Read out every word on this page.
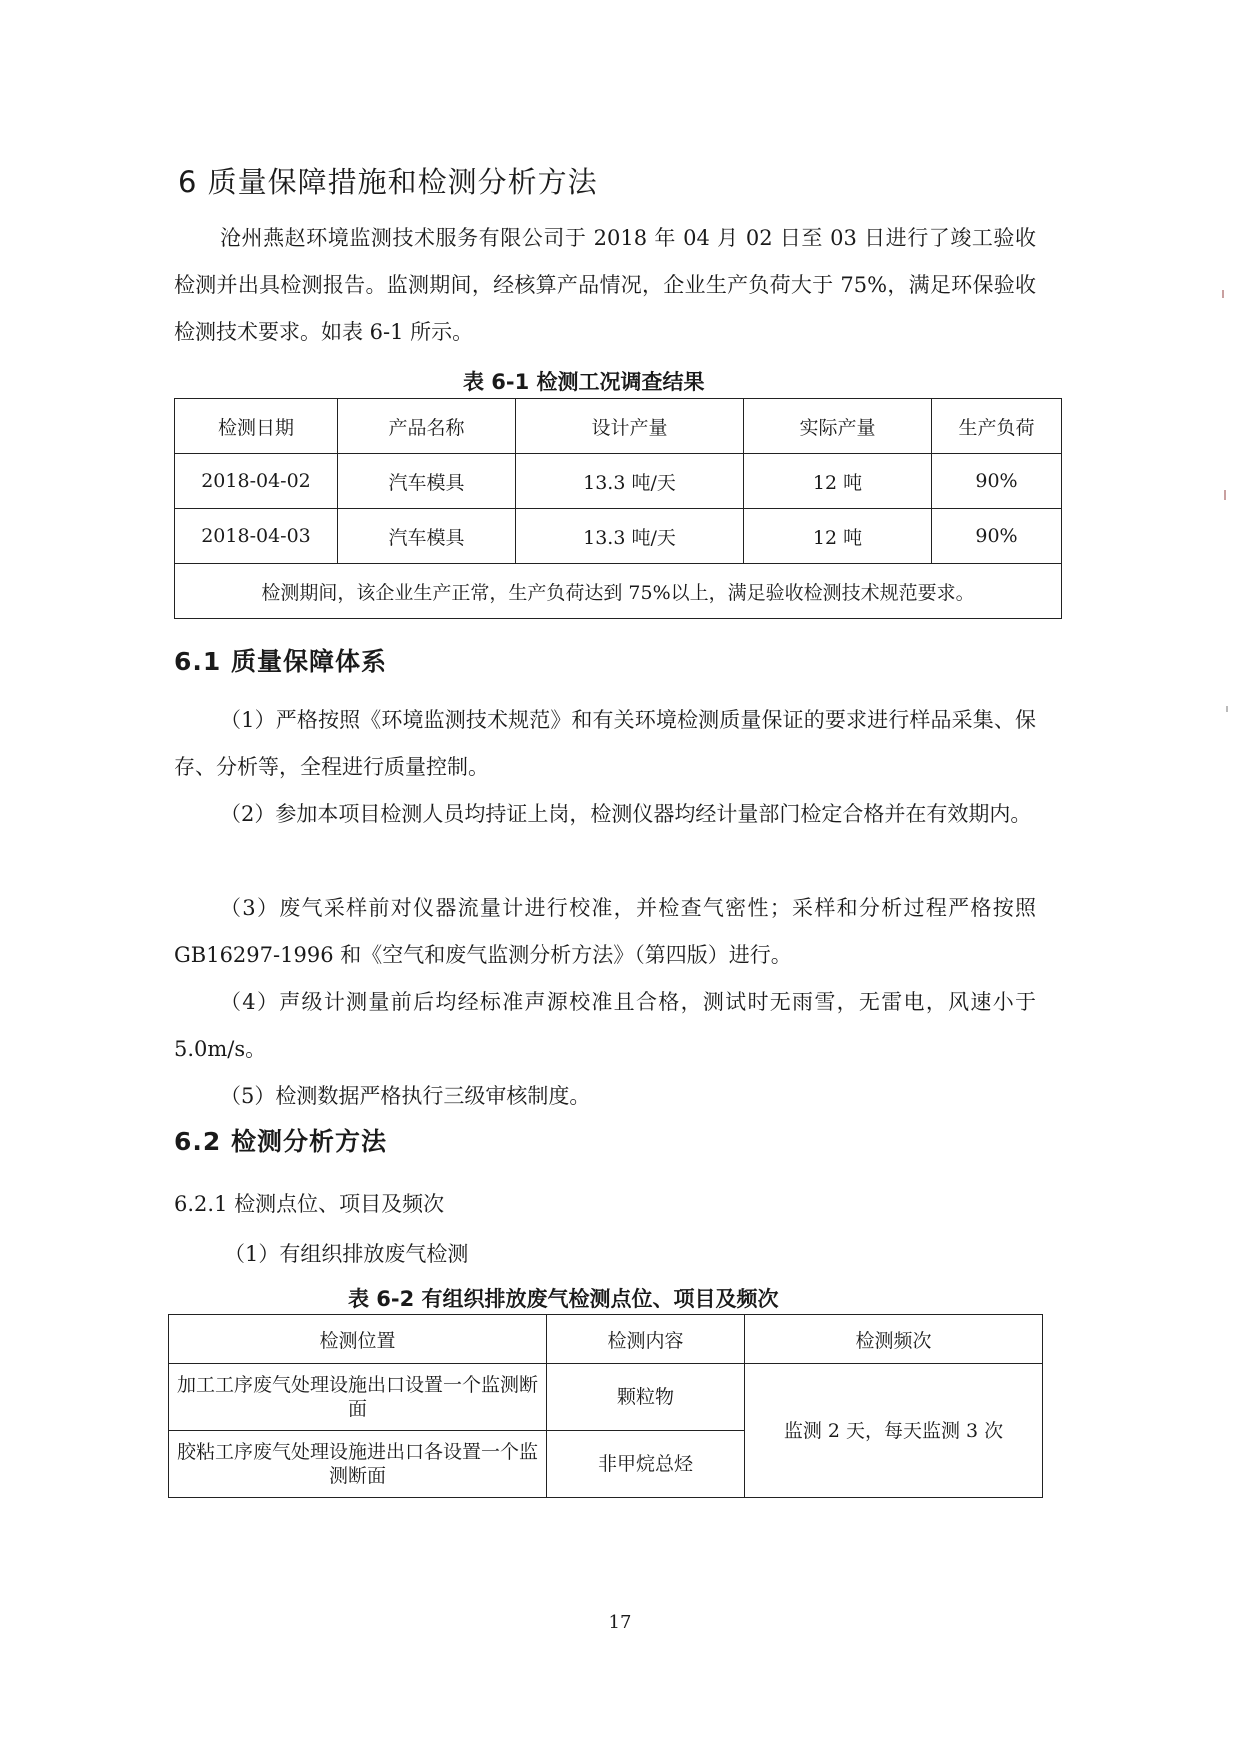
6 质量保障措施和检测分析方法
沧州燕赵环境监测技术服务有限公司于 2018 年 04 月 02 日至 03 日进行了竣工验收检测并出具检测报告。监测期间，经核算产品情况，企业生产负荷大于 75%，满足环保验收检测技术要求。如表 6-1 所示。
表 6-1 检测工况调查结果
检测日期	产品名称	设计产量	实际产量	生产负荷
2018-04-02	汽车模具	13.3 吨/天	12 吨	90%
2018-04-03	汽车模具	13.3 吨/天	12 吨	90%
检测期间，该企业生产正常，生产负荷达到 75%以上，满足验收检测技术规范要求。				
6.1 质量保障体系
（1）严格按照《环境监测技术规范》和有关环境检测质量保证的要求进行样品采集、保存、分析等，全程进行质量控制。
（2）参加本项目检测人员均持证上岗，检测仪器均经计量部门检定合格并在有效期内。
（3）废气采样前对仪器流量计进行校准，并检查气密性；采样和分析过程严格按照 GB16297-1996 和《空气和废气监测分析方法》（第四版）进行。
（4）声级计测量前后均经标准声源校准且合格，测试时无雨雪，无雷电，风速小于 5.0m/s。
（5）检测数据严格执行三级审核制度。
6.2 检测分析方法
6.2.1 检测点位、项目及频次
（1）有组织排放废气检测
表 6-2 有组织排放废气检测点位、项目及频次
检测位置	检测内容	检测频次
加工工序废气处理设施出口设置一个监测断面	颗粒物	监测 2 天，每天监测 3 次
胶粘工序废气处理设施进出口各设置一个监测断面	非甲烷总烃	
17
